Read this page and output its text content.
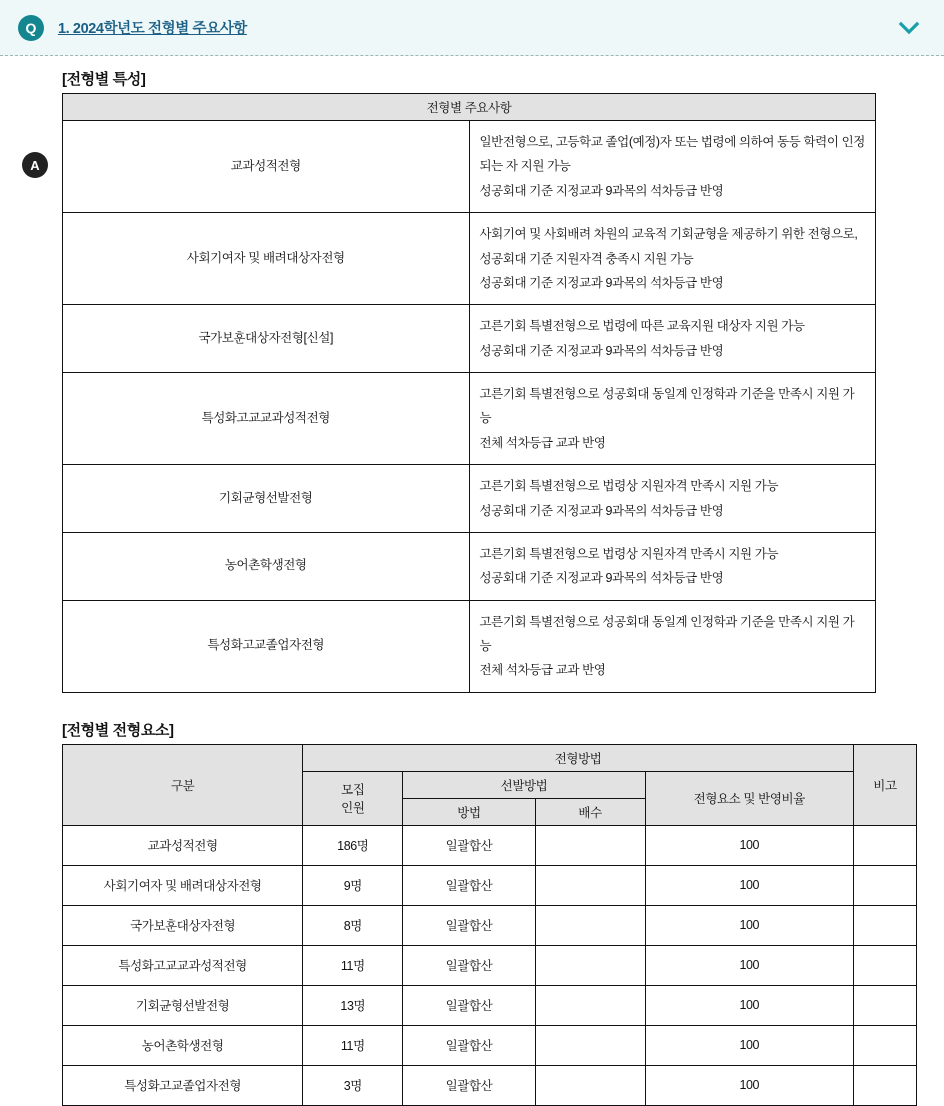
Q	1. 2024학년도 전형별 주요사항
A
[전형별 특성]
전형별 주요사항	
교과성적전형	일반전형으로, 고등학교 졸업(예정)자 또는 법령에 의하여 동등 학력이 인정되는 자 지원 가능
성공회대 기준 지정교과 9과목의 석차등급 반영

사회기여자 및 배려대상자전형	사회기여 및 사회배려 차원의 교육적 기회균형을 제공하기 위한 전형으로, 성공회대 기준 지원자격 충족시 지원 가능
성공회대 기준 지정교과 9과목의 석차등급 반영

국가보훈대상자전형[신설]	고른기회 특별전형으로 법령에 따른 교육지원 대상자 지원 가능
성공회대 기준 지정교과 9과목의 석차등급 반영

특성화고교교과성적전형	고른기회 특별전형으로 성공회대 동일계 인정학과 기준을 만족시 지원 가능
전체 석차등급 교과 반영

기회균형선발전형	고른기회 특별전형으로 법령상 지원자격 만족시 지원 가능
성공회대 기준 지정교과 9과목의 석차등급 반영

농어촌학생전형	고른기회 특별전형으로 법령상 지원자격 만족시 지원 가능
성공회대 기준 지정교과 9과목의 석차등급 반영

특성화고교졸업자전형	고른기회 특별전형으로 성공회대 동일계 인정학과 기준을 만족시 지원 가능
전체 석차등급 교과 반영
[전형별 전형요소]
구분	전형방법				비고

	모집
인원	선발방법		전형요소 및 반영비율	
		방법	배수		
교과성적전형	186명	일괄합산		100	
사회기여자 및 배려대상자전형	9명	일괄합산		100	
국가보훈대상자전형	8명	일괄합산		100	
특성화고교교과성적전형	11명	일괄합산		100	
기회균형선발전형	13명	일괄합산		100	
농어촌학생전형	11명	일괄합산		100	
특성화고교졸업자전형	3명	일괄합산		100	
